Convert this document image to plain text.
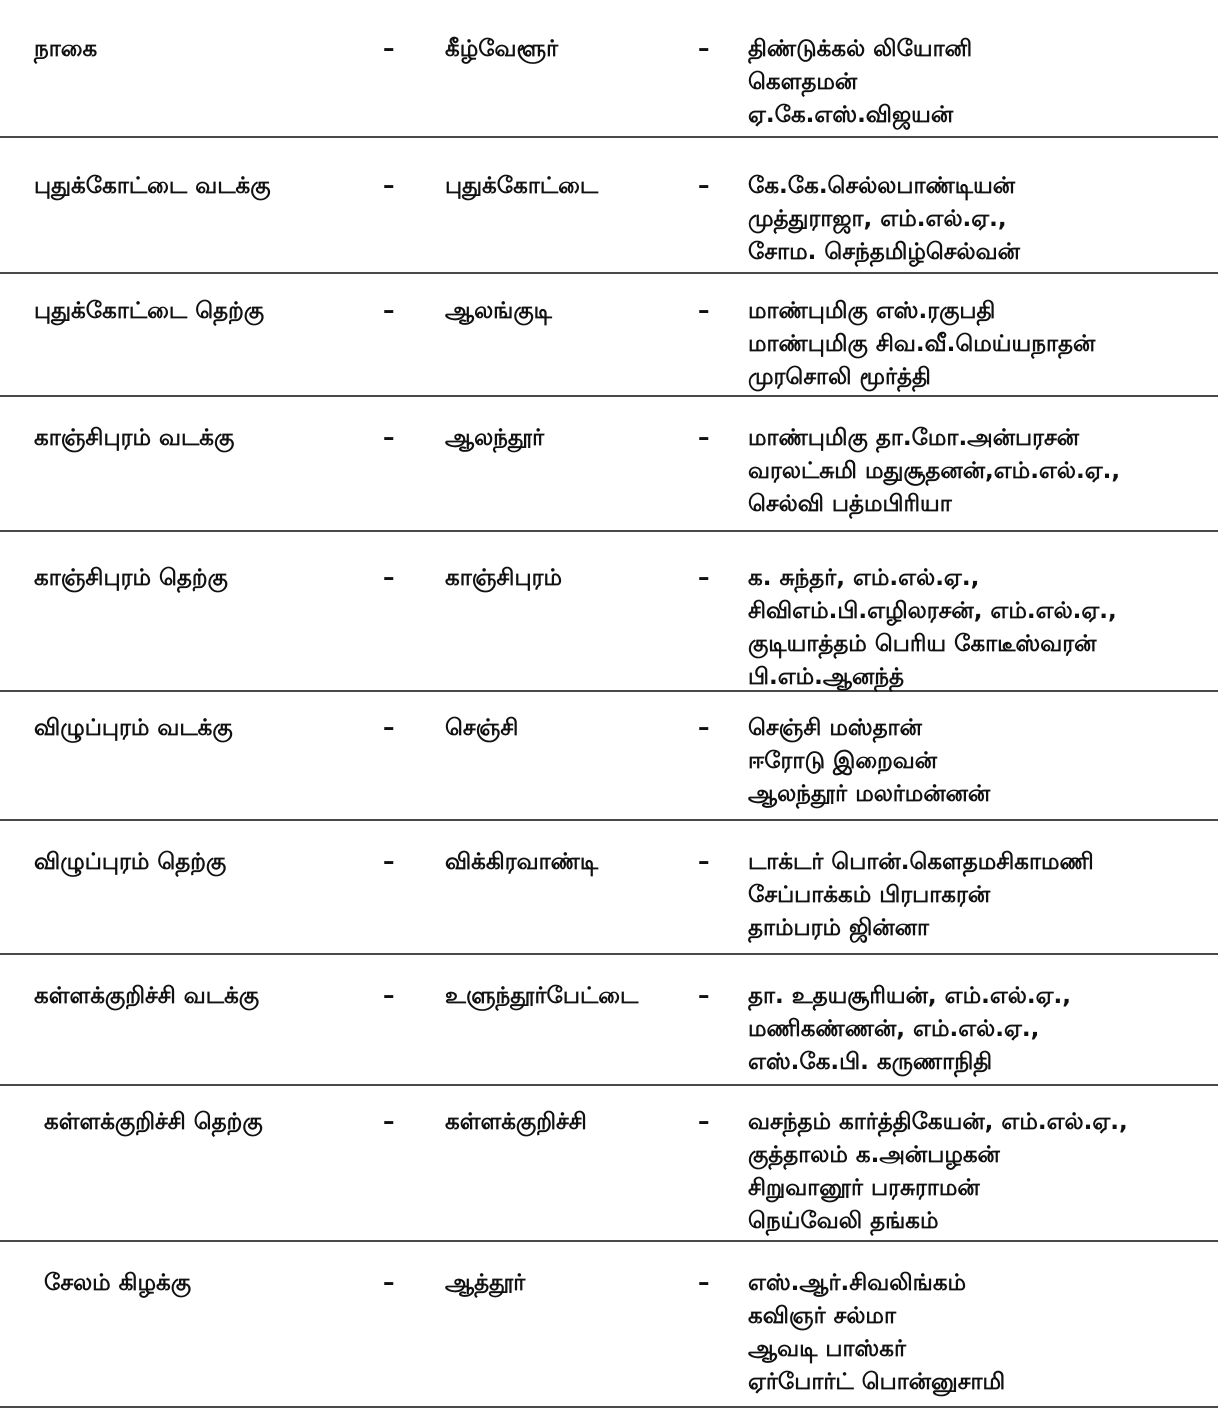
நாகை	– கீழ்வேளூர்	– திண்டுக்கல் லியோனி
கௌதமன்
ஏ.கே.எஸ்.விஜயன்
புதுக்கோட்டை வடக்கு	– புதுக்கோட்டை	– கே.கே.செல்லபாண்டியன்
முத்துராஜா, எம்.எல்.ஏ.,
சோம. செந்தமிழ்செல்வன்
புதுக்கோட்டை தெற்கு	– ஆலங்குடி	– மாண்புமிகு எஸ்.ரகுபதி
மாண்புமிகு சிவ.வீ.மெய்யநாதன்
முரசொலி மூர்த்தி
காஞ்சிபுரம் வடக்கு	– ஆலந்தூர்	– மாண்புமிகு தா.மோ.அன்பரசன்
வரலட்சுமி மதுசூதனன்,எம்.எல்.ஏ.,
செல்வி பத்மபிரியா
காஞ்சிபுரம் தெற்கு	– காஞ்சிபுரம்	– க. சுந்தர், எம்.எல்.ஏ.,
சிவிஎம்.பி.எழிலரசன், எம்.எல்.ஏ.,
குடியாத்தம் பெரிய கோடீஸ்வரன்
பி.எம்.ஆனந்த்
விழுப்புரம் வடக்கு	– செஞ்சி	– செஞ்சி மஸ்தான்
ஈரோடு இறைவன்
ஆலந்தூர் மலர்மன்னன்
விழுப்புரம் தெற்கு	– விக்கிரவாண்டி	– டாக்டர் பொன்.கௌதமசிகாமணி
சேப்பாக்கம் பிரபாகரன்
தாம்பரம் ஜின்னா
கள்ளக்குறிச்சி வடக்கு	– உளுந்தூர்பேட்டை	– தா. உதயசூரியன், எம்.எல்.ஏ.,
மணிகண்ணன், எம்.எல்.ஏ.,
எஸ்.கே.பி. கருணாநிதி
கள்ளக்குறிச்சி தெற்கு	– கள்ளக்குறிச்சி	– வசந்தம் கார்த்திகேயன், எம்.எல்.ஏ.,
குத்தாலம் க.அன்பழகன்
சிறுவானூர் பரசுராமன்
நெய்வேலி தங்கம்
சேலம் கிழக்கு	– ஆத்தூர்	– எஸ்.ஆர்.சிவலிங்கம்
கவிஞர் சல்மா
ஆவடி பாஸ்கர்
ஏர்போர்ட் பொன்னுசாமி
